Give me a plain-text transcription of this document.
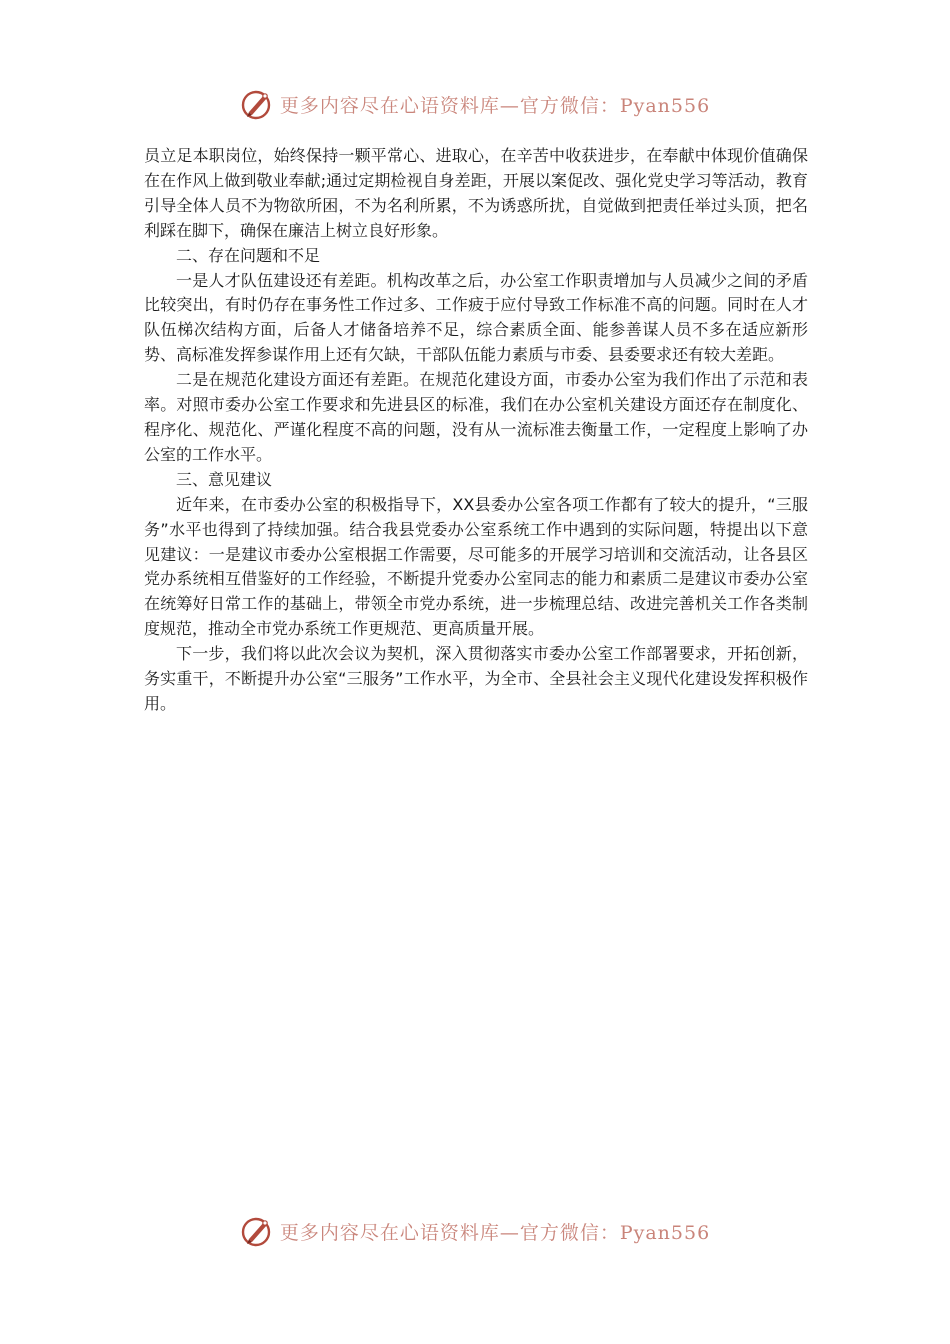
更多内容尽在心语资料库—官方微信：Pyan556

员立足本职岗位，始终保持一颗平常心、进取心，在辛苦中收获进步，在奉献中体现价值确保在在作风上做到敬业奉献;通过定期检视自身差距，开展以案促改、强化党史学习等活动，教育引导全体人员不为物欲所困，不为名利所累，不为诱惑所扰，自觉做到把责任举过头顶，把名利踩在脚下，确保在廉洁上树立良好形象。

二、存在问题和不足

一是人才队伍建设还有差距。机构改革之后，办公室工作职责增加与人员减少之间的矛盾比较突出，有时仍存在事务性工作过多、工作疲于应付导致工作标准不高的问题。同时在人才队伍梯次结构方面，后备人才储备培养不足，综合素质全面、能参善谋人员不多在适应新形势、高标准发挥参谋作用上还有欠缺，干部队伍能力素质与市委、县委要求还有较大差距。

二是在规范化建设方面还有差距。在规范化建设方面，市委办公室为我们作出了示范和表率。对照市委办公室工作要求和先进县区的标准，我们在办公室机关建设方面还存在制度化、程序化、规范化、严谨化程度不高的问题，没有从一流标准去衡量工作，一定程度上影响了办公室的工作水平。

三、意见建议

近年来，在市委办公室的积极指导下，XX县委办公室各项工作都有了较大的提升，“三服务”水平也得到了持续加强。结合我县党委办公室系统工作中遇到的实际问题，特提出以下意见建议：一是建议市委办公室根据工作需要，尽可能多的开展学习培训和交流活动，让各县区党办系统相互借鉴好的工作经验，不断提升党委办公室同志的能力和素质二是建议市委办公室在统筹好日常工作的基础上，带领全市党办系统，进一步梳理总结、改进完善机关工作各类制度规范，推动全市党办系统工作更规范、更高质量开展。

下一步，我们将以此次会议为契机，深入贯彻落实市委办公室工作部署要求，开拓创新，务实重干，不断提升办公室“三服务”工作水平，为全市、全县社会主义现代化建设发挥积极作用。

更多内容尽在心语资料库—官方微信：Pyan556
